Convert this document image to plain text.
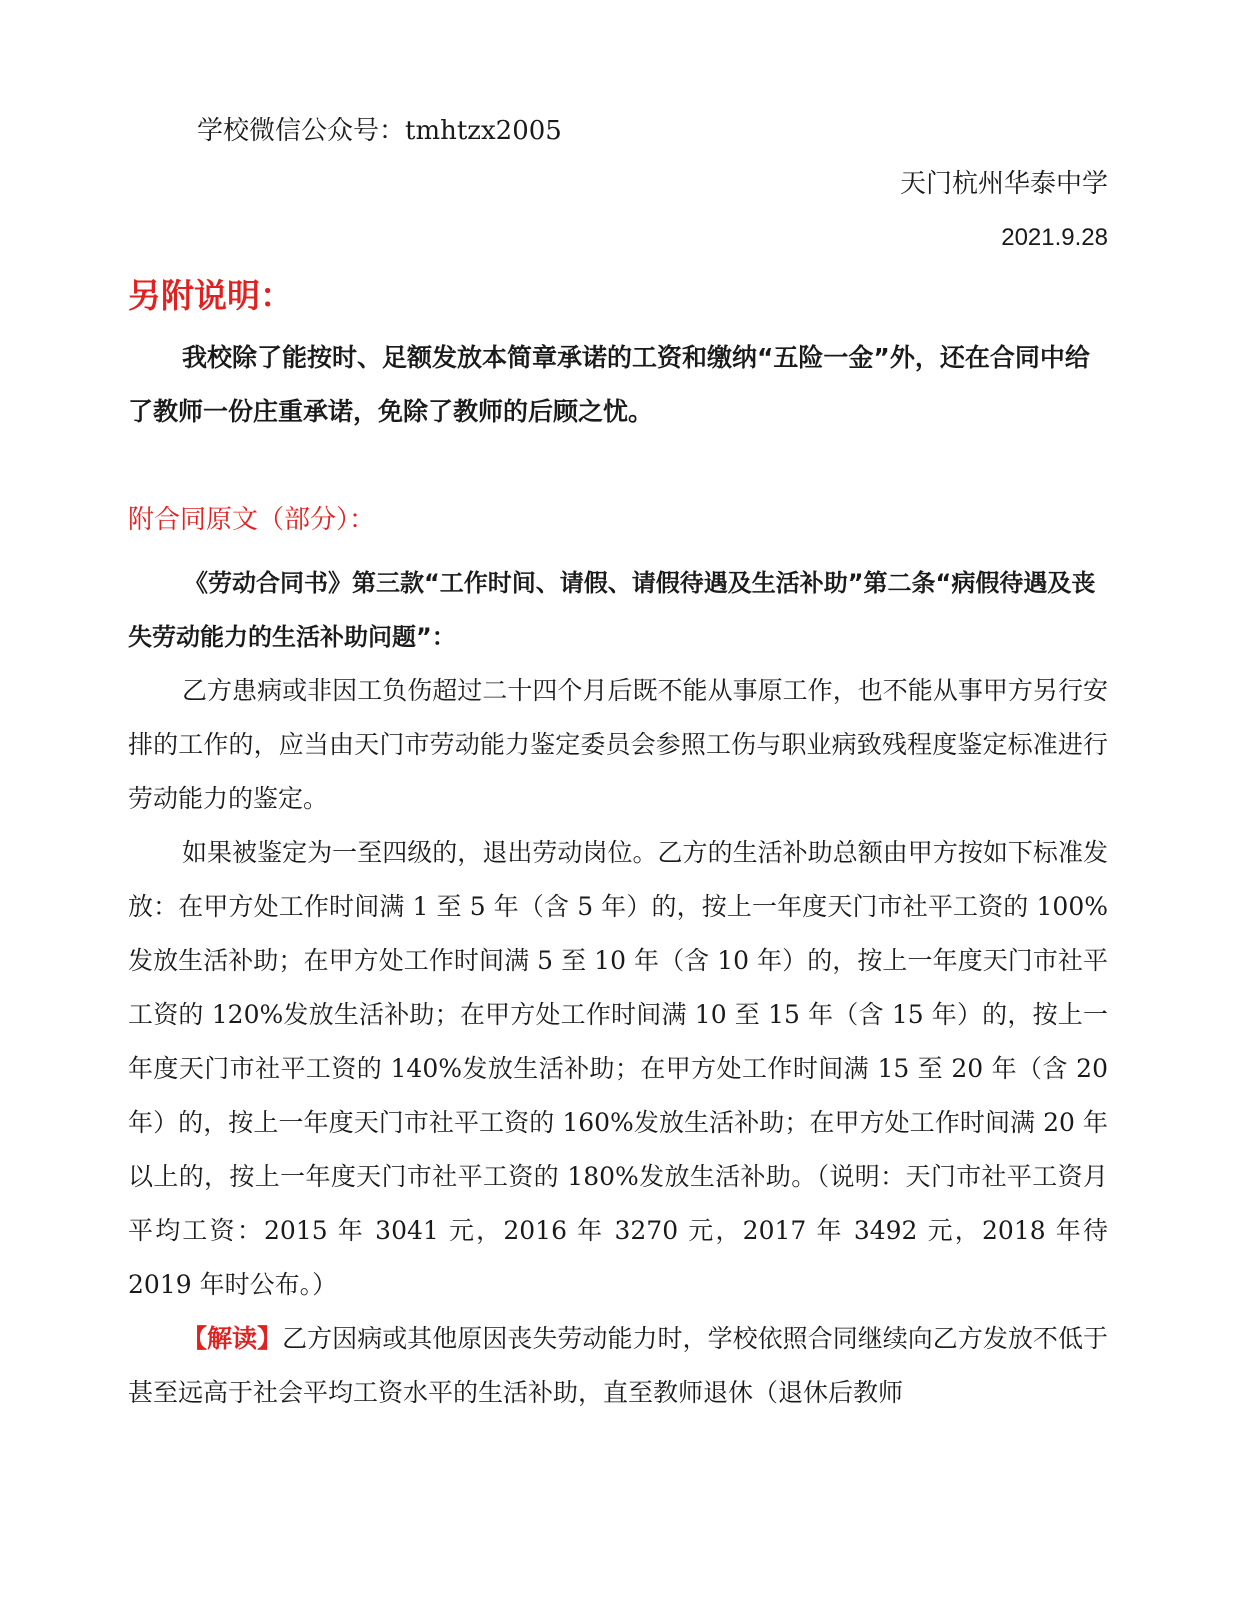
学校微信公众号：tmhtzx2005
天门杭州华泰中学
2021.9.28
另附说明：
我校除了能按时、足额发放本简章承诺的工资和缴纳“五险一金”外，还在合同中给了教师一份庄重承诺，免除了教师的后顾之忧。
附合同原文（部分）：
《劳动合同书》第三款“工作时间、请假、请假待遇及生活补助”第二条“病假待遇及丧失劳动能力的生活补助问题”：
乙方患病或非因工负伤超过二十四个月后既不能从事原工作，也不能从事甲方另行安排的工作的，应当由天门市劳动能力鉴定委员会参照工伤与职业病致残程度鉴定标准进行劳动能力的鉴定。
如果被鉴定为一至四级的，退出劳动岗位。乙方的生活补助总额由甲方按如下标准发放：在甲方处工作时间满 1 至 5 年（含 5 年）的，按上一年度天门市社平工资的 100%发放生活补助；在甲方处工作时间满 5 至 10 年（含 10 年）的，按上一年度天门市社平工资的 120%发放生活补助；在甲方处工作时间满 10 至 15 年（含 15 年）的，按上一年度天门市社平工资的 140%发放生活补助；在甲方处工作时间满 15 至 20 年（含 20 年）的，按上一年度天门市社平工资的 160%发放生活补助；在甲方处工作时间满 20 年以上的，按上一年度天门市社平工资的 180%发放生活补助。（说明：天门市社平工资月平均工资：2015 年 3041 元，2016 年 3270 元，2017 年 3492 元，2018 年待 2019 年时公布。）
【解读】乙方因病或其他原因丧失劳动能力时，学校依照合同继续向乙方发放不低于甚至远高于社会平均工资水平的生活补助，直至教师退休（退休后教师
